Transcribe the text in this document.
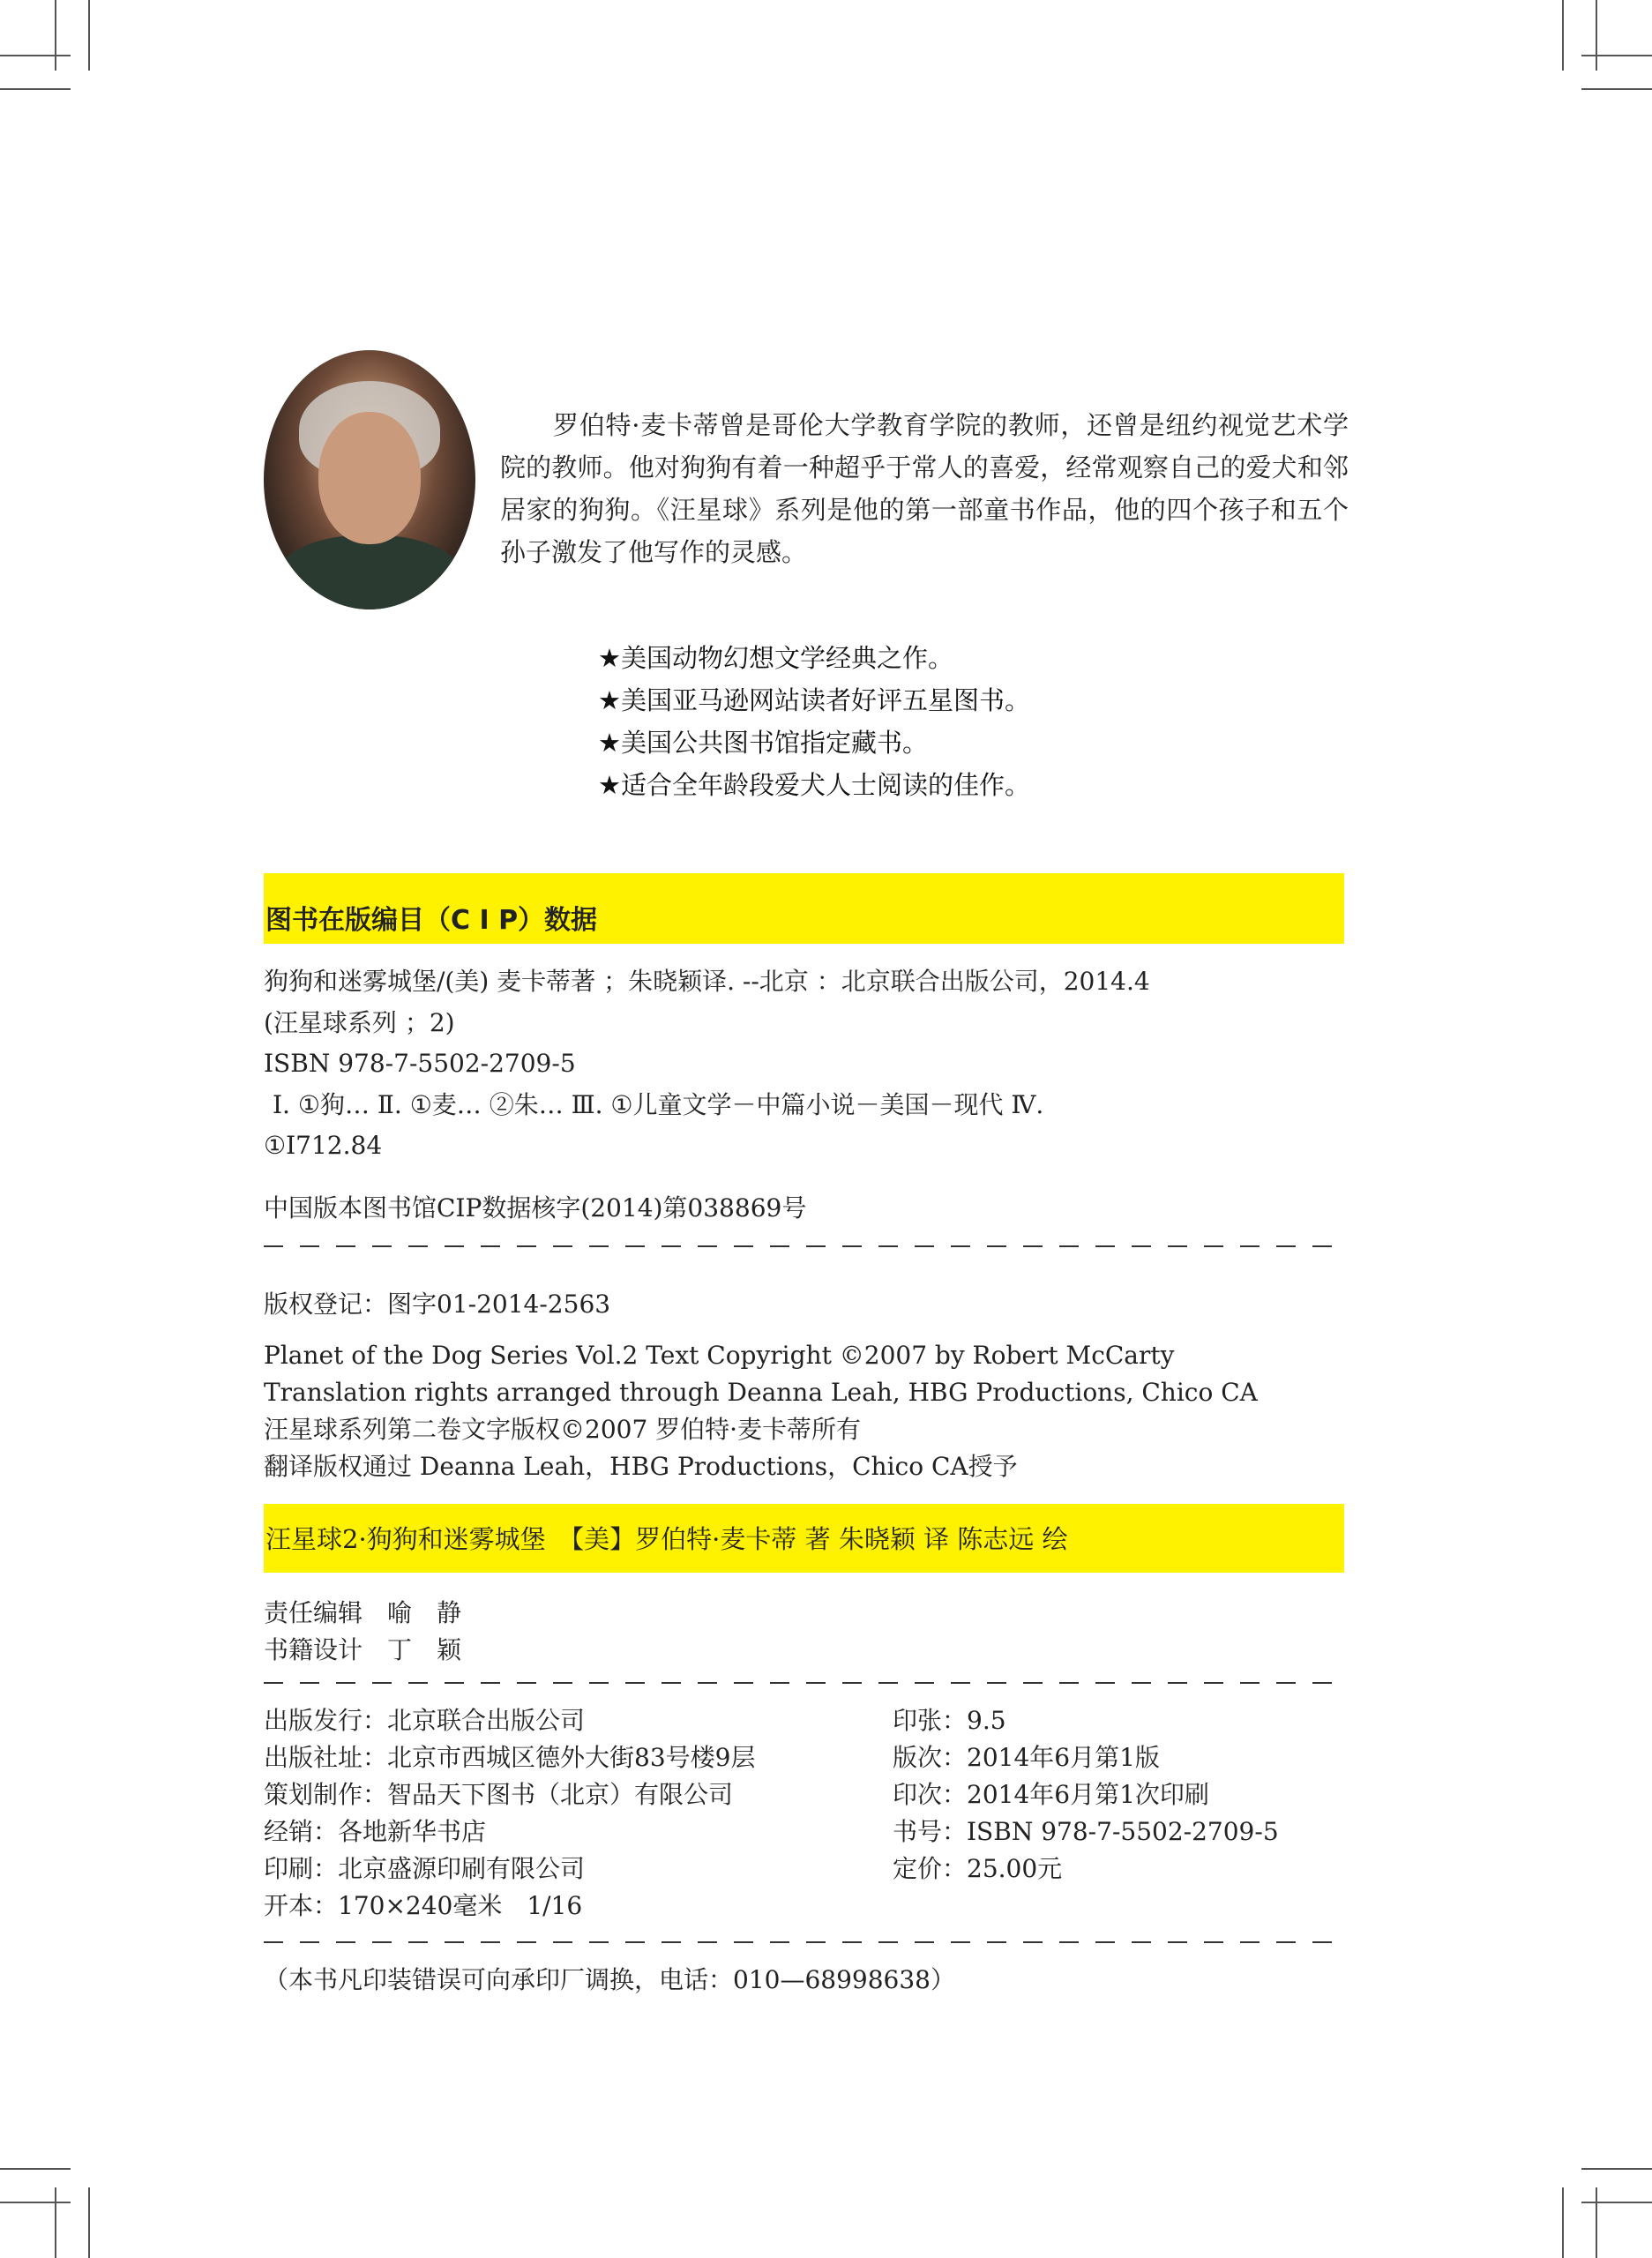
罗伯特·麦卡蒂曾是哥伦大学教育学院的教师，还曾是纽约视觉艺术学院的教师。他对狗狗有着一种超乎于常人的喜爱，经常观察自己的爱犬和邻居家的狗狗。《汪星球》系列是他的第一部童书作品，他的四个孩子和五个孙子激发了他写作的灵感。

★美国动物幻想文学经典之作。
★美国亚马逊网站读者好评五星图书。
★美国公共图书馆指定藏书。
★适合全年龄段爱犬人士阅读的佳作。
图书在版编目（C I P）数据
狗狗和迷雾城堡/(美) 麦卡蒂著 ；朱晓颖译. --北京 ：北京联合出版公司，2014.4
(汪星球系列 ；2)
ISBN 978-7-5502-2709-5
Ⅰ. ①狗… Ⅱ. ①麦… ②朱… Ⅲ. ①儿童文学－中篇小说－美国－现代 Ⅳ.
①I712.84
中国版本图书馆CIP数据核字(2014)第038869号
版权登记：图字01-2014-2563
Planet of the Dog Series Vol.2 Text Copyright ©2007 by Robert McCarty
Translation rights arranged through Deanna Leah, HBG Productions, Chico CA
汪星球系列第二卷文字版权©2007 罗伯特·麦卡蒂所有
翻译版权通过 Deanna Leah，HBG Productions，Chico CA授予
汪星球2·狗狗和迷雾城堡　【美】罗伯特·麦卡蒂 著 朱晓颖 译 陈志远 绘
责任编辑　喻　静
书籍设计　丁　颖
出版发行：北京联合出版公司
出版社址：北京市西城区德外大街83号楼9层
策划制作：智品天下图书（北京）有限公司
经销：各地新华书店
印刷：北京盛源印刷有限公司
开本：170×240毫米　1/16
印张：9.5
版次：2014年6月第1版
印次：2014年6月第1次印刷
书号：ISBN 978-7-5502-2709-5
定价：25.00元
（本书凡印装错误可向承印厂调换，电话：010—68998638）
